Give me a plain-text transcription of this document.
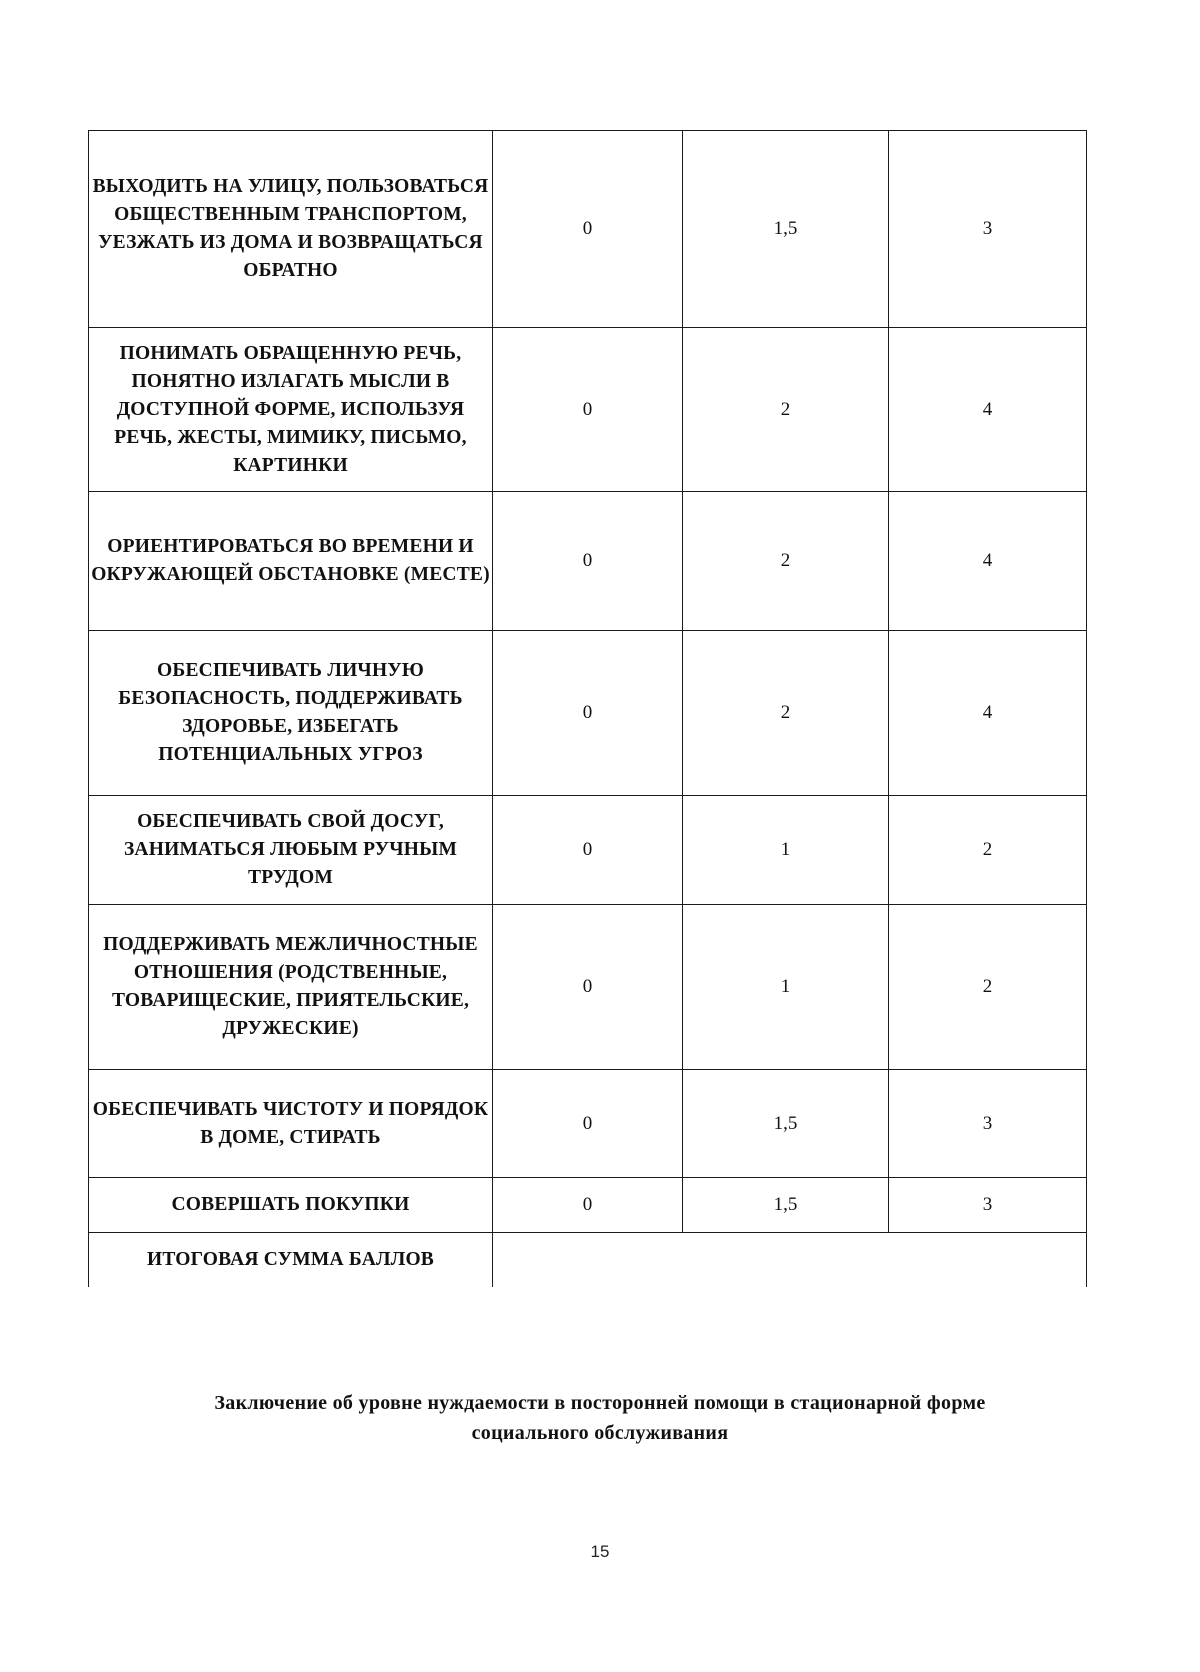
ВЫХОДИТЬ НА УЛИЦУ, ПОЛЬЗОВАТЬСЯ ОБЩЕСТВЕННЫМ ТРАНСПОРТОМ, УЕЗЖАТЬ ИЗ ДОМА И ВОЗВРАЩАТЬСЯ ОБРАТНО	0	1,5	3
ПОНИМАТЬ ОБРАЩЕННУЮ РЕЧЬ, ПОНЯТНО ИЗЛАГАТЬ МЫСЛИ В ДОСТУПНОЙ ФОРМЕ, ИСПОЛЬЗУЯ РЕЧЬ, ЖЕСТЫ, МИМИКУ, ПИСЬМО, КАРТИНКИ	0	2	4
ОРИЕНТИРОВАТЬСЯ ВО ВРЕМЕНИ И ОКРУЖАЮЩЕЙ ОБСТАНОВКЕ (МЕСТЕ)	0	2	4
ОБЕСПЕЧИВАТЬ ЛИЧНУЮ БЕЗОПАСНОСТЬ, ПОДДЕРЖИВАТЬ ЗДОРОВЬЕ, ИЗБЕГАТЬ ПОТЕНЦИАЛЬНЫХ УГРОЗ	0	2	4
ОБЕСПЕЧИВАТЬ СВОЙ ДОСУГ, ЗАНИМАТЬСЯ ЛЮБЫМ РУЧНЫМ ТРУДОМ	0	1	2
ПОДДЕРЖИВАТЬ МЕЖЛИЧНОСТНЫЕ ОТНОШЕНИЯ (РОДСТВЕННЫЕ, ТОВАРИЩЕСКИЕ, ПРИЯТЕЛЬСКИЕ, ДРУЖЕСКИЕ)	0	1	2
ОБЕСПЕЧИВАТЬ ЧИСТОТУ И ПОРЯДОК В ДОМЕ, СТИРАТЬ	0	1,5	3
СОВЕРШАТЬ ПОКУПКИ	0	1,5	3
ИТОГОВАЯ СУММА БАЛЛОВ			
Заключение об уровне нуждаемости в посторонней помощи в стационарной форме
социального обслуживания
15
